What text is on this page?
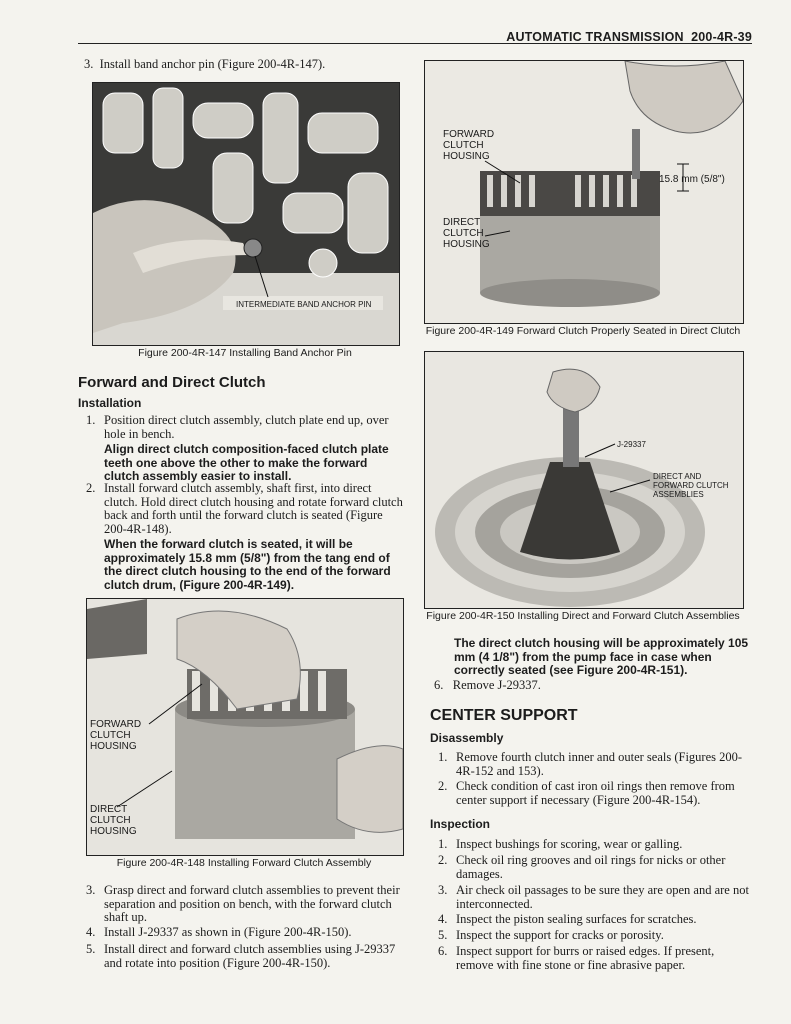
AUTOMATIC TRANSMISSION 200-4R-39
3. Install band anchor pin (Figure 200-4R-147).
INTERMEDIATE BAND ANCHOR PIN
Figure 200-4R-147 Installing Band Anchor Pin
Forward and Direct Clutch
Installation
1. Position direct clutch assembly, clutch plate end up, over hole in bench.
Align direct clutch composition-faced clutch plate teeth one above the other to make the forward clutch assembly easier to install.
2. Install forward clutch assembly, shaft first, into direct clutch. Hold direct clutch housing and rotate forward clutch back and forth until the forward clutch is seated (Figure 200-4R-148).
When the forward clutch is seated, it will be approximately 15.8 mm (5/8") from the tang end of the direct clutch housing to the end of the forward clutch drum, (Figure 200-4R-149).
FORWARD
CLUTCH
HOUSING
DIRECT
CLUTCH
HOUSING
Figure 200-4R-148 Installing Forward Clutch Assembly
3. Grasp direct and forward clutch assemblies to prevent their separation and position on bench, with the forward clutch shaft up.
4. Install J-29337 as shown in (Figure 200-4R-150).
5. Install direct and forward clutch assemblies using J-29337 and rotate into position (Figure 200-4R-150).
FORWARD
CLUTCH
HOUSING
DIRECT
CLUTCH
HOUSING
15.8 mm (5/8")
Figure 200-4R-149 Forward Clutch Properly Seated in Direct Clutch
J-29337
DIRECT AND
FORWARD CLUTCH
ASSEMBLIES
Figure 200-4R-150 Installing Direct and Forward Clutch Assemblies
The direct clutch housing will be approximately 105 mm (4 1/8") from the pump face in case when correctly seated (see Figure 200-4R-151).
6. Remove J-29337.
CENTER SUPPORT
Disassembly
1. Remove fourth clutch inner and outer seals (Figures 200-4R-152 and 153).
2. Check condition of cast iron oil rings then remove from center support if necessary (Figure 200-4R-154).
Inspection
1. Inspect bushings for scoring, wear or galling.
2. Check oil ring grooves and oil rings for nicks or other damages.
3. Air check oil passages to be sure they are open and are not interconnected.
4. Inspect the piston sealing surfaces for scratches.
5. Inspect the support for cracks or porosity.
6. Inspect support for burrs or raised edges. If present, remove with fine stone or fine abrasive paper.
